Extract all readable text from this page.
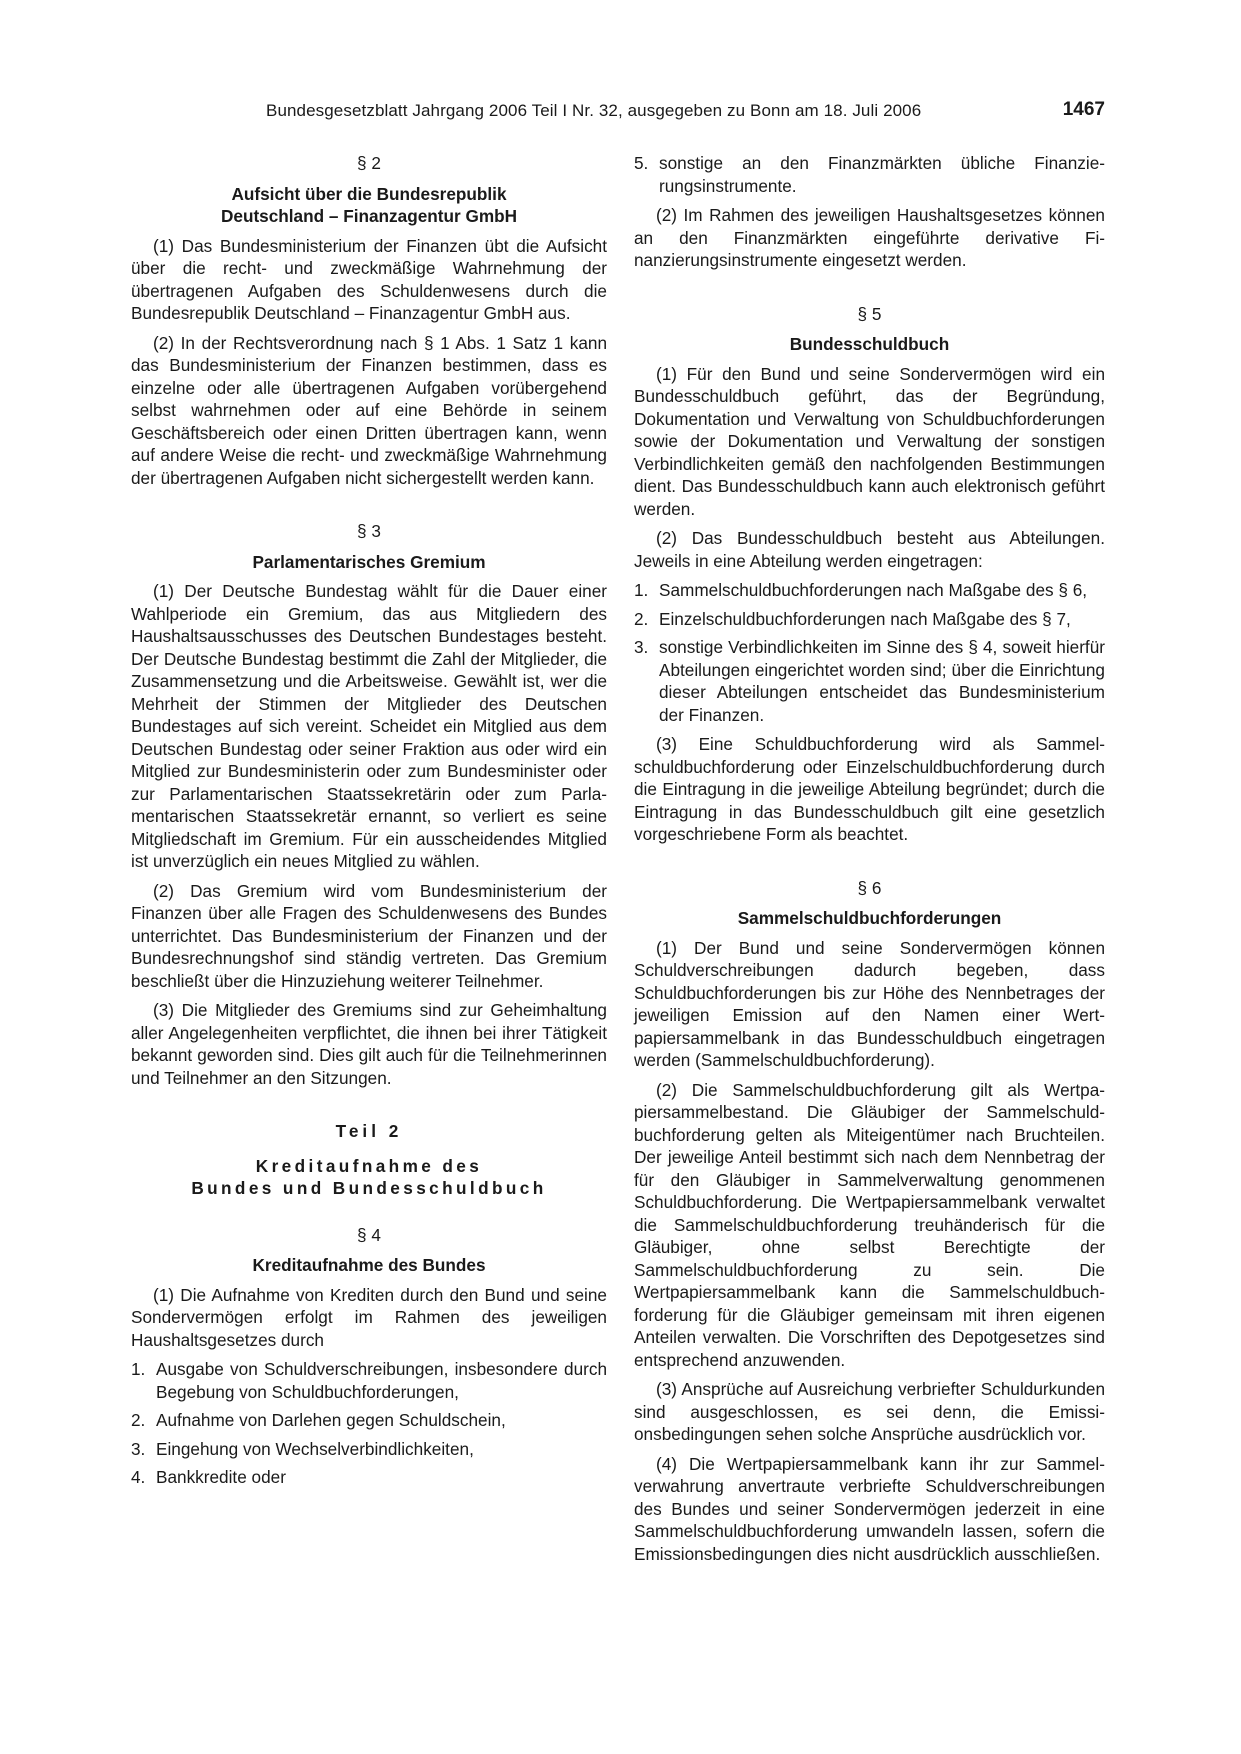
Bundesgesetzblatt Jahrgang 2006 Teil I Nr. 32, ausgegeben zu Bonn am 18. Juli 2006	1467

§ 2

Aufsicht über die Bundesrepublik
Deutschland – Finanzagentur GmbH

(1) Das Bundesministerium der Finanzen übt die Aufsicht über die recht- und zweckmäßige Wahrnehmung der übertragenen Aufgaben des Schuldenwesens durch die Bundesrepublik Deutschland – Finanzagentur GmbH aus.

(2) In der Rechtsverordnung nach § 1 Abs. 1 Satz 1 kann das Bundesministerium der Finanzen bestimmen, dass es einzelne oder alle übertragenen Aufgaben vorübergehend selbst wahrnehmen oder auf eine Behörde in seinem Geschäftsbereich oder einen Dritten übertragen kann, wenn auf andere Weise die recht- und zweckmäßige Wahrnehmung der übertragenen Aufgaben nicht sichergestellt werden kann.

§ 3

Parlamentarisches Gremium

(1) Der Deutsche Bundestag wählt für die Dauer einer Wahlperiode ein Gremium, das aus Mitgliedern des Haushaltsausschusses des Deutschen Bundestages besteht. Der Deutsche Bundestag bestimmt die Zahl der Mitglieder, die Zusammensetzung und die Arbeitsweise. Gewählt ist, wer die Mehrheit der Stimmen der Mitglieder des Deutschen Bundestages auf sich vereint. Scheidet ein Mitglied aus dem Deutschen Bundestag oder seiner Fraktion aus oder wird ein Mitglied zur Bundesministerin oder zum Bundesminister oder zur Parlamentarischen Staatssekretärin oder zum Parlamentarischen Staatssekretär ernannt, so verliert es seine Mitgliedschaft im Gremium. Für ein ausscheidendes Mitglied ist unverzüglich ein neues Mitglied zu wählen.

(2) Das Gremium wird vom Bundesministerium der Finanzen über alle Fragen des Schuldenwesens des Bundes unterrichtet. Das Bundesministerium der Finanzen und der Bundesrechnungshof sind ständig vertreten. Das Gremium beschließt über die Hinzuziehung weiterer Teilnehmer.

(3) Die Mitglieder des Gremiums sind zur Geheimhaltung aller Angelegenheiten verpflichtet, die ihnen bei ihrer Tätigkeit bekannt geworden sind. Dies gilt auch für die Teilnehmerinnen und Teilnehmer an den Sitzungen.

Teil 2
Kreditaufnahme des
Bundes und Bundesschuldbuch

§ 4

Kreditaufnahme des Bundes

(1) Die Aufnahme von Krediten durch den Bund und seine Sondervermögen erfolgt im Rahmen des jeweiligen Haushaltsgesetzes durch

1. Ausgabe von Schuldverschreibungen, insbesondere durch Begebung von Schuldbuchforderungen,
2. Aufnahme von Darlehen gegen Schuldschein,
3. Eingehung von Wechselverbindlichkeiten,
4. Bankkredite oder
5. sonstige an den Finanzmärkten übliche Finanzierungsinstrumente.

(2) Im Rahmen des jeweiligen Haushaltsgesetzes können an den Finanzmärkten eingeführte derivative Finanzierungsinstrumente eingesetzt werden.

§ 5

Bundesschuldbuch

(1) Für den Bund und seine Sondervermögen wird ein Bundesschuldbuch geführt, das der Begründung, Dokumentation und Verwaltung von Schuldbuchforderungen sowie der Dokumentation und Verwaltung der sonstigen Verbindlichkeiten gemäß den nachfolgenden Bestimmungen dient. Das Bundesschuldbuch kann auch elektronisch geführt werden.

(2) Das Bundesschuldbuch besteht aus Abteilungen. Jeweils in eine Abteilung werden eingetragen:

1. Sammelschuldbuchforderungen nach Maßgabe des § 6,
2. Einzelschuldbuchforderungen nach Maßgabe des § 7,
3. sonstige Verbindlichkeiten im Sinne des § 4, soweit hierfür Abteilungen eingerichtet worden sind; über die Einrichtung dieser Abteilungen entscheidet das Bundesministerium der Finanzen.

(3) Eine Schuldbuchforderung wird als Sammelschuldbuchforderung oder Einzelschuldbuchforderung durch die Eintragung in die jeweilige Abteilung begründet; durch die Eintragung in das Bundesschuldbuch gilt eine gesetzlich vorgeschriebene Form als beachtet.

§ 6

Sammelschuldbuchforderungen

(1) Der Bund und seine Sondervermögen können Schuldverschreibungen dadurch begeben, dass Schuldbuchforderungen bis zur Höhe des Nennbetrages der jeweiligen Emission auf den Namen einer Wertpapiersammelbank in das Bundesschuldbuch eingetragen werden (Sammelschuldbuchforderung).

(2) Die Sammelschuldbuchforderung gilt als Wertpapiersammelbestand. Die Gläubiger der Sammelschuldbuchforderung gelten als Miteigentümer nach Bruchteilen. Der jeweilige Anteil bestimmt sich nach dem Nennbetrag der für den Gläubiger in Sammelverwaltung genommenen Schuldbuchforderung. Die Wertpapiersammelbank verwaltet die Sammelschuldbuchforderung treuhänderisch für die Gläubiger, ohne selbst Berechtigte der Sammelschuldbuchforderung zu sein. Die Wertpapiersammelbank kann die Sammelschuldbuchforderung für die Gläubiger gemeinsam mit ihren eigenen Anteilen verwalten. Die Vorschriften des Depotgesetzes sind entsprechend anzuwenden.

(3) Ansprüche auf Ausreichung verbriefter Schuldurkunden sind ausgeschlossen, es sei denn, die Emissionsbedingungen sehen solche Ansprüche ausdrücklich vor.

(4) Die Wertpapiersammelbank kann ihr zur Sammelverwahrung anvertraute verbriefte Schuldverschreibungen des Bundes und seiner Sondervermögen jederzeit in eine Sammelschuldbuchforderung umwandeln lassen, sofern die Emissionsbedingungen dies nicht ausdrücklich ausschließen.
